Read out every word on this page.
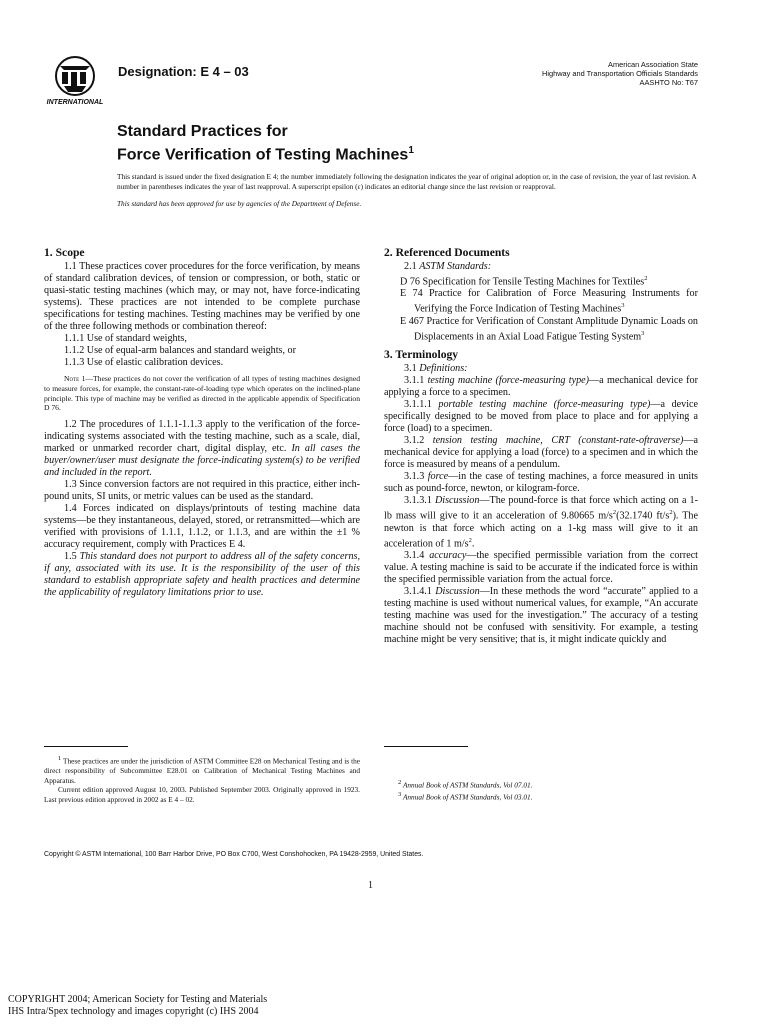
INTERNATIONAL
Designation: E 4 – 03	American Association State
Highway and Transportation Officials Standards
AASHTO No: T67
Standard Practices for
Force Verification of Testing Machines$^1$

This standard is issued under the fixed designation E 4; the number immediately following the designation indicates the year of original adoption or, in the case of revision, the year of last revision. A number in parentheses indicates the year of last reapproval. A superscript epsilon (ε) indicates an editorial change since the last revision or reapproval.

This standard has been approved for use by agencies of the Department of Defense.

1. Scope

1.1 These practices cover procedures for the force verification, by means of standard calibration devices, of tension or compression, or both, static or quasi-static testing machines (which may, or may not, have force-indicating systems). These practices are not intended to be complete purchase specifications for testing machines. Testing machines may be verified by one of the three following methods or combination thereof:

1.1.1 Use of standard weights,

1.1.2 Use of equal-arm balances and standard weights, or

1.1.3 Use of elastic calibration devices.

Note 1—These practices do not cover the verification of all types of testing machines designed to measure forces, for example, the constant-rate-of-loading type which operates on the inclined-plane principle. This type of machine may be verified as directed in the applicable appendix of Specification D 76.

1.2 The procedures of 1.1.1-1.1.3 apply to the verification of the force-indicating systems associated with the testing machine, such as a scale, dial, marked or unmarked recorder chart, digital display, etc. In all cases the buyer/owner/user must designate the force-indicating system(s) to be verified and included in the report.

1.3 Since conversion factors are not required in this practice, either inch-pound units, SI units, or metric values can be used as the standard.

1.4 Forces indicated on displays/printouts of testing machine data systems—be they instantaneous, delayed, stored, or retransmitted—which are verified with provisions of 1.1.1, 1.1.2, or 1.1.3, and are within the ±1 % accuracy requirement, comply with Practices E 4.

1.5 This standard does not purport to address all of the safety concerns, if any, associated with its use. It is the responsibility of the user of this standard to establish appropriate safety and health practices and determine the applicability of regulatory limitations prior to use.

2. Referenced Documents

2.1 ASTM Standards:

D 76 Specification for Tensile Testing Machines for Textiles$^2$

E 74 Practice for Calibration of Force Measuring Instruments for Verifying the Force Indication of Testing Machines$^3$

E 467 Practice for Verification of Constant Amplitude Dynamic Loads on Displacements in an Axial Load Fatigue Testing System$^3$

3. Terminology

3.1 Definitions:

3.1.1 testing machine (force-measuring type)—a mechanical device for applying a force to a specimen.

3.1.1.1 portable testing machine (force-measuring type)—a device specifically designed to be moved from place to place and for applying a force (load) to a specimen.

3.1.2 tension testing machine, CRT (constant-rate-oftraverse)—a mechanical device for applying a load (force) to a specimen and in which the force is measured by means of a pendulum.

3.1.3 force—in the case of testing machines, a force measured in units such as pound-force, newton, or kilogram-force.

3.1.3.1 Discussion—The pound-force is that force which acting on a 1-lb mass will give to it an acceleration of 9.80665 m/s$^2$(32.1740 ft/s$^2$). The newton is that force which acting on a 1-kg mass will give to it an acceleration of 1 m/s$^2$.

3.1.4 accuracy—the specified permissible variation from the correct value. A testing machine is said to be accurate if the indicated force is within the specified permissible variation from the actual force.

3.1.4.1 Discussion—In these methods the word “accurate” applied to a testing machine is used without numerical values, for example, “An accurate testing machine was used for the investigation.” The accuracy of a testing machine should not be confused with sensitivity. For example, a testing machine might be very sensitive; that is, it might indicate quickly and

$^1$ These practices are under the jurisdiction of ASTM Committee E28 on Mechanical Testing and is the direct responsibility of Subcommittee E28.01 on Calibration of Mechanical Testing Machines and Apparatus.

Current edition approved August 10, 2003. Published September 2003. Originally approved in 1923. Last previous edition approved in 2002 as E 4 – 02.

$^2$ Annual Book of ASTM Standards, Vol 07.01.

$^3$ Annual Book of ASTM Standards, Vol 03.01.

Copyright © ASTM International, 100 Barr Harbor Drive, PO Box C700, West Conshohocken, PA 19428-2959, United States.
1
COPYRIGHT 2004; American Society for Testing and Materials
IHS Intra/Spex technology and images copyright (c) IHS 2004
